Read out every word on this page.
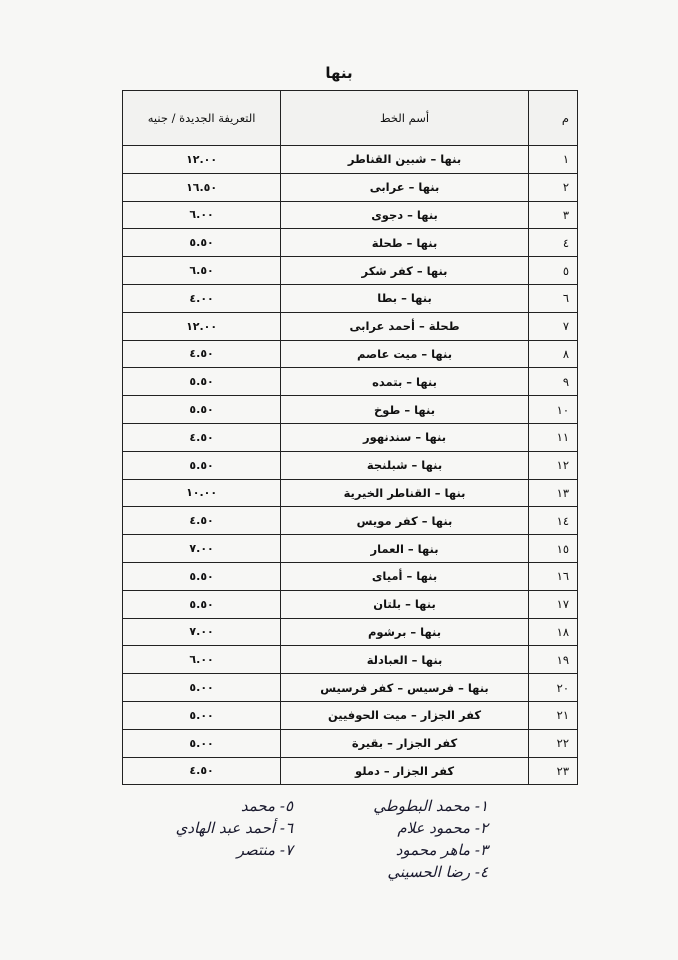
بنها
م	أسم الخط	التعريفة الجديدة / جنيه
١	بنها – شبين القناطر	١٢.٠٠
٢	بنها – عرابى	١٦.٥٠
٣	بنها – دجوى	٦.٠٠
٤	بنها – طحلة	٥.٥٠
٥	بنها – كفر شكر	٦.٥٠
٦	بنها – بطا	٤.٠٠
٧	طحلة – أحمد عرابى	١٢.٠٠
٨	بنها – ميت عاصم	٤.٥٠
٩	بنها – بتمده	٥.٥٠
١٠	بنها – طوخ	٥.٥٠
١١	بنها – سندنهور	٤.٥٠
١٢	بنها – شبلنجة	٥.٥٠
١٣	بنها – القناطر الخيرية	١٠.٠٠
١٤	بنها – كفر مويس	٤.٥٠
١٥	بنها – العمار	٧.٠٠
١٦	بنها – أمياى	٥.٥٠
١٧	بنها – بلتان	٥.٥٠
١٨	بنها – برشوم	٧.٠٠
١٩	بنها – العبادلة	٦.٠٠
٢٠	بنها – فرسيس – كفر فرسيس	٥.٠٠
٢١	كفر الجزار – ميت الحوفيين	٥.٠٠
٢٢	كفر الجزار – بقيرة	٥.٠٠
٢٣	كفر الجزار – دملو	٤.٥٠
١- محمد البطوطي
٢- محمود علام
٣- ماهر محمود
٤- رضا الحسيني
٥- محمد
٦- أحمد عبد الهادي
٧- منتصر
